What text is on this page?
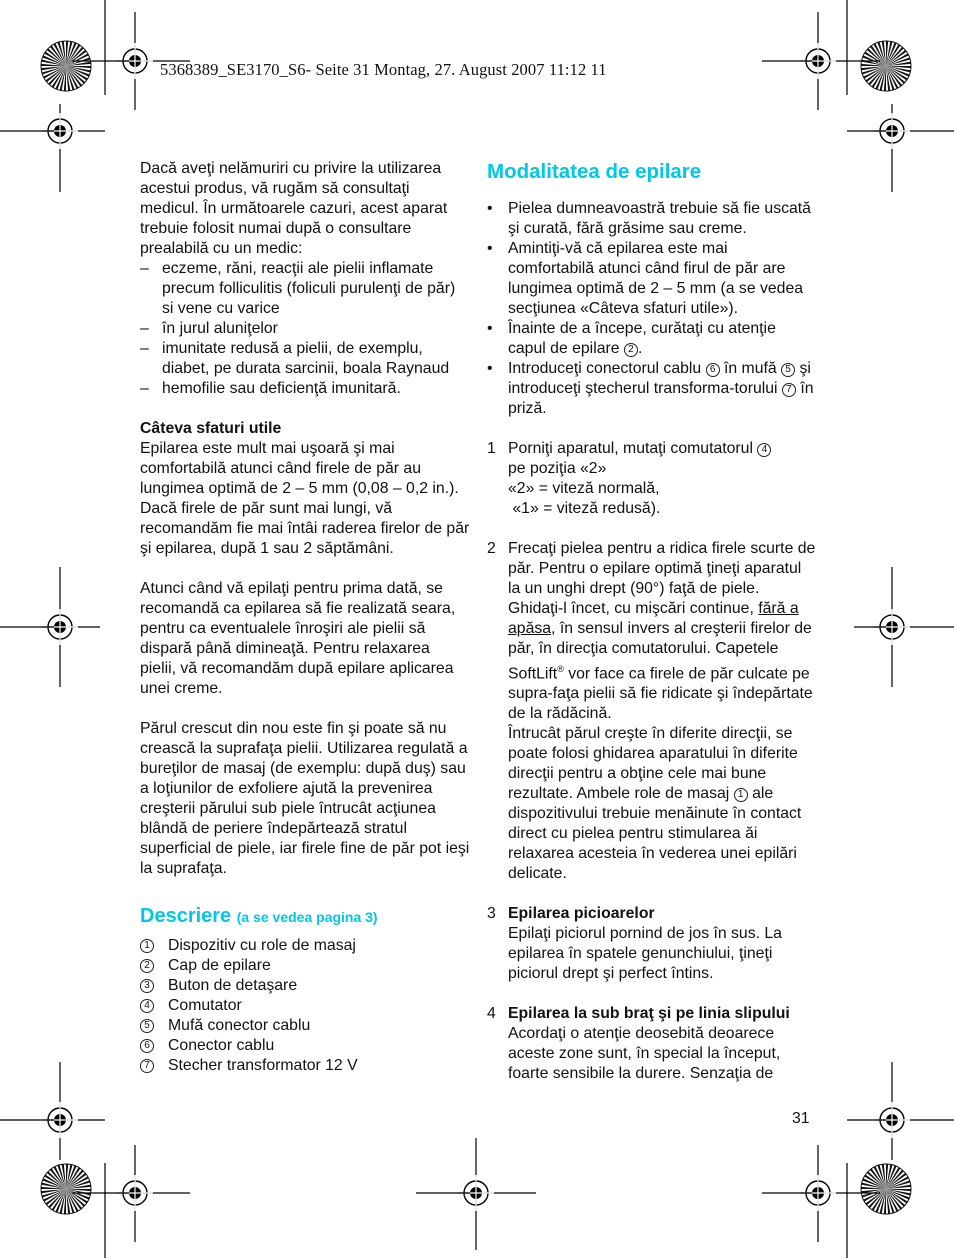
5368389_SE3170_S6- Seite 31 Montag, 27. August 2007 11:12 11

Dacă aveţi nelămuriri cu privire la utilizarea acestui produs, vă rugăm să consultaţi medicul. În următoarele cazuri, acest aparat trebuie folosit numai după o consultare prealabilă cu un medic:

– eczeme, răni, reacţii ale pielii inflamate precum folliculitis (foliculi purulenţi de păr) si vene cu varice
– în jurul aluniţelor
– imunitate redusă a pielii, de exemplu, diabet, pe durata sarcinii, boala Raynaud
– hemofilie sau deficienţă imunitară.

Câteva sfaturi utile

Epilarea este mult mai uşoară şi mai comfortabilă atunci când firele de păr au lungimea optimă de 2 – 5 mm (0,08 – 0,2 in.). Dacă firele de păr sunt mai lungi, vă recomandăm fie mai întâi raderea firelor de păr şi epilarea, după 1 sau 2 săptămâni.

Atunci când vă epilaţi pentru prima dată, se recomandă ca epilarea să fie realizată seara, pentru ca eventualele înroşiri ale pielii să dispară până dimineaţă. Pentru relaxarea pielii, vă recomandăm după epilare aplicarea unei creme.

Părul crescut din nou este fin şi poate să nu crească la suprafaţa pielii. Utilizarea regulată a bureţilor de masaj (de exemplu: după duş) sau a loţiunilor de exfoliere ajută la prevenirea creşterii părului sub piele întrucât acţiunea blândă de periere îndepărtează stratul superficial de piele, iar firele fine de păr pot ieşi la suprafaţa.

Descriere (a se vedea pagina 3)

1 Dispozitiv cu role de masaj
2 Cap de epilare
3 Buton de detaşare
4 Comutator
5 Mufă conector cablu
6 Conector cablu
7 Stecher transformator 12 V

Modalitatea de epilare

• Pielea dumneavoastră trebuie să fie uscată şi curată, fără grăsime sau creme.
• Amintiţi-vă că epilarea este mai comfortabilă atunci când firul de păr are lungimea optimă de 2 – 5 mm (a se vedea secţiunea «Câteva sfaturi utile»).
• Înainte de a începe, curătaţi cu atenţie capul de epilare 2 .
• Introduceţi conectorul cablu 6 în mufă 5 şi introduceţi ştecherul transforma-torului 7 în priză.
1 Porniţi aparatul, mutaţi comutatorul 4
pe poziţia «2»
«2» = viteză normală,
«1» = viteză redusă).
2 Frecaţi pielea pentru a ridica firele scurte de păr. Pentru o epilare optimă ţineţi aparatul la un unghi drept (90°) faţă de piele. Ghidaţi-l încet, cu mişcări continue, fără a apăsa, în sensul invers al creşterii firelor de păr, în direcţia comutatorului. Capetele SoftLift® vor face ca firele de păr culcate pe supra-faţa pielii să fie ridicate şi îndepărtate de la rădăcină.
Întrucât părul creşte în diferite direcţii, se poate folosi ghidarea aparatului în diferite direcţii pentru a obţine cele mai bune rezultate. Ambele role de masaj 1 ale dispozitivului trebuie menăinute în contact direct cu pielea pentru stimularea ăi relaxarea acesteia în vederea unei epilări delicate.
3 Epilarea picioarelor
Epilaţi piciorul pornind de jos în sus. La epilarea în spatele genunchiului, ţineţi piciorul drept şi perfect întins.
4 Epilarea la sub braţ şi pe linia slipului
Acordaţi o atenţie deosebită deoarece aceste zone sunt, în special la început, foarte sensibile la durere. Senzaţia de
31
